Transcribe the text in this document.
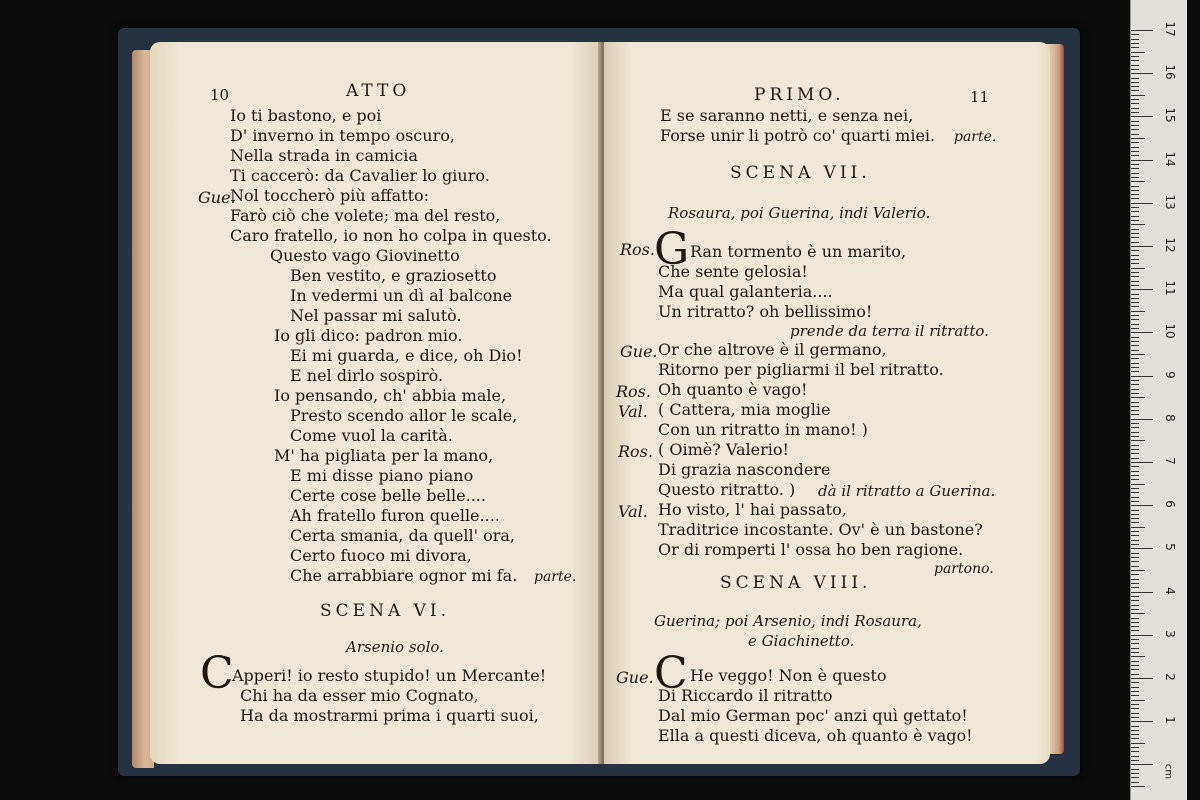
10	ATTO
Io ti bastono, e poi
D' inverno in tempo oscuro,
Nella strada in camicia
Ti caccerò: da Cavalier lo giuro.
Gue.
Nol toccherò più affatto:
Farò ciò che volete; ma del resto,
Caro fratello, io non ho colpa in questo.
Questo vago Giovinetto
Ben vestito, e graziosetto
In vedermi un dì al balcone
Nel passar mi salutò.
Io gli dico: padron mio.
Ei mi guarda, e dice, oh Dio!
E nel dirlo sospirò.
Io pensando, ch' abbia male,
Presto scendo allor le scale,
Come vuol la carità.
M' ha pigliata per la mano,
E mi disse piano piano
Certe cose belle belle....
Ah fratello furon quelle....
Certa smania, da quell' ora,
Certo fuoco mi divora,
Che arrabbiare ognor mi fa. parte.
SCENA VI.
Arsenio solo.
C
Apperi! io resto stupido! un Mercante!
Chi ha da esser mio Cognato,
Ha da mostrarmi prima i quarti suoi,
PRIMO.	11
E se saranno netti, e senza nei,
Forse unir li potrò co' quarti miei. parte.
SCENA VII.
Rosaura, poi Guerina, indi Valerio.
Ros. G Ran tormento è un marito,
Che sente gelosia!
Ma qual galanteria....
Un ritratto? oh bellissimo!
prende da terra il ritratto.
Gue. Or che altrove è il germano,
Ritorno per pigliarmi il bel ritratto.
Ros. Oh quanto è vago!
Val. ( Cattera, mia moglie
Con un ritratto in mano! )
Ros. ( Oimè? Valerio!
Di grazia nascondere
Questo ritratto. ) dà il ritratto a Guerina.
Val. Ho visto, l' hai passato,
Traditrice incostante. Ov' è un bastone?
Or di romperti l' ossa ho ben ragione.
partono.
SCENA VIII.
Guerina; poi Arsenio, indi Rosaura,
e Giachinetto.
Gue. C He veggo! Non è questo
Di Riccardo il ritratto
Dal mio German poc' anzi quì gettato!
Ella a questi diceva, oh quanto è vago!
17
16
15
14
13
12
11
10
9
8
7
6
5
4
3
2
1
cm
